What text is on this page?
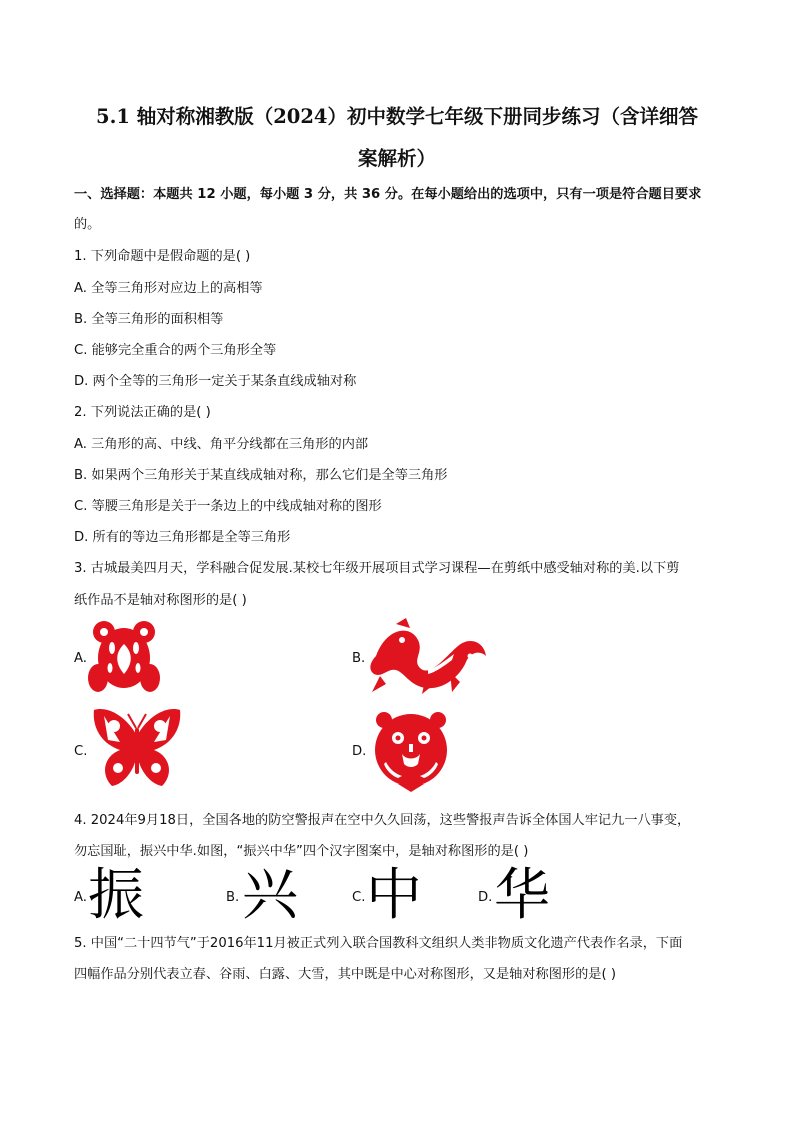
5.1 轴对称湘教版（2024）初中数学七年级下册同步练习（含详细答
案解析）
一、选择题：本题共 12 小题，每小题 3 分，共 36 分。在每小题给出的选项中，只有一项是符合题目要求
的。
1. 下列命题中是假命题的是( )
A. 全等三角形对应边上的高相等
B. 全等三角形的面积相等
C. 能够完全重合的两个三角形全等
D. 两个全等的三角形一定关于某条直线成轴对称
2. 下列说法正确的是( )
A. 三角形的高、中线、角平分线都在三角形的内部
B. 如果两个三角形关于某直线成轴对称，那么它们是全等三角形
C. 等腰三角形是关于一条边上的中线成轴对称的图形
D. 所有的等边三角形都是全等三角形
3. 古城最美四月天，学科融合促发展.某校七年级开展项目式学习课程—在剪纸中感受轴对称的美.以下剪
纸作品不是轴对称图形的是( )
A.	B.
C.	D.
4. 2024年9月18日，全国各地的防空警报声在空中久久回荡，这些警报声告诉全体国人牢记九一八事变，
勿忘国耻，振兴中华.如图，“振兴中华”四个汉字图案中，是轴对称图形的是( )
A. 振	B. 兴	C. 中	D. 华
5. 中国“二十四节气”于2016年11月被正式列入联合国教科文组织人类非物质文化遗产代表作名录，下面
四幅作品分别代表立春、谷雨、白露、大雪，其中既是中心对称图形，又是轴对称图形的是( )
